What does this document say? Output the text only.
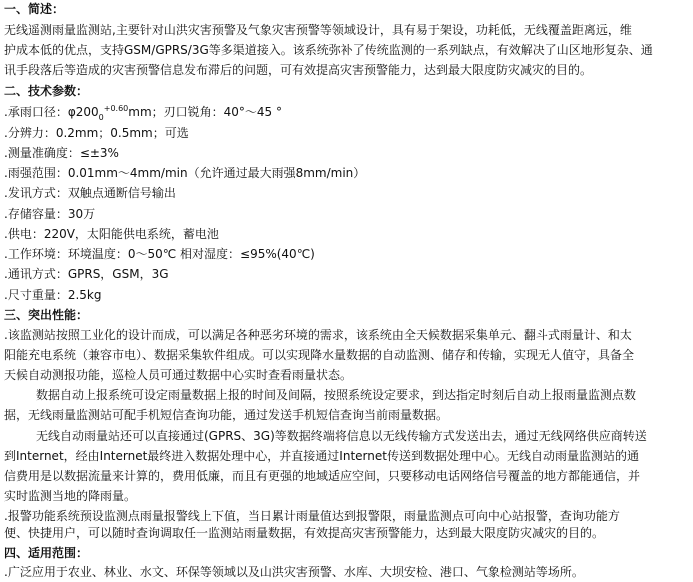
一、简述：
无线遥测雨量监测站,主要针对山洪灾害预警及气象灾害预警等领域设计，具有易于架设，功耗低，无线覆盖距离远，维
护成本低的优点，支持GSM/GPRS/3G等多渠道接入。该系统弥补了传统监测的一系列缺点，有效解决了山区地形复杂、通
讯手段落后等造成的灾害预警信息发布滞后的问题，可有效提高灾害预警能力，达到最大限度防灾减灾的目的。
二、技术参数：
.承雨口径：$\varphi 200_0^{+0.60}mm$；刃口锐角：40°～45 °
.分辨力：0.2mm；0.5mm；可选
.测量准确度：≤±3%
.雨强范围：0.01mm～4mm/min（允许通过最大雨强8mm/min）
.发讯方式：双触点通断信号输出
.存储容量：30万
.供电：220V，太阳能供电系统，蓄电池
.工作环境：环境温度：0～50℃ 相对湿度：≤95%(40℃)
.通讯方式：GPRS，GSM，3G
.尺寸重量：2.5kg
三、突出性能：
.该监测站按照工业化的设计而成，可以满足各种恶劣环境的需求，该系统由全天候数据采集单元、翻斗式雨量计、和太
阳能充电系统（兼容市电）、数据采集软件组成。可以实现降水量数据的自动监测、储存和传输，实现无人值守，具备全
天候自动测报功能，巡检人员可通过数据中心实时查看雨量状态。
数据自动上报系统可设定雨量数据上报的时间及间隔，按照系统设定要求，到达指定时刻后自动上报雨量监测点数
据，无线雨量监测站可配手机短信查询功能，通过发送手机短信查询当前雨量数据。
无线自动雨量站还可以直接通过(GPRS、3G)等数据终端将信息以无线传输方式发送出去，通过无线网络供应商转送
到Internet，经由Internet最终进入数据处理中心，并直接通过Internet传送到数据处理中心。无线自动雨量监测站的通
信费用是以数据流量来计算的，费用低廉，而且有更强的地域适应空间，只要移动电话网络信号覆盖的地方都能通信，并
实时监测当地的降雨量。
.报警功能系统预设监测点雨量报警线上下值，当日累计雨量值达到报警限，雨量监测点可向中心站报警，查询功能方
便、快捷用户，可以随时查询调取任一监测站雨量数据，有效提高灾害预警能力，达到最大限度防灾减灾的目的。
四、适用范围：
.广泛应用于农业、林业、水文、环保等领域以及山洪灾害预警、水库、大坝安检、港口、气象检测站等场所。
